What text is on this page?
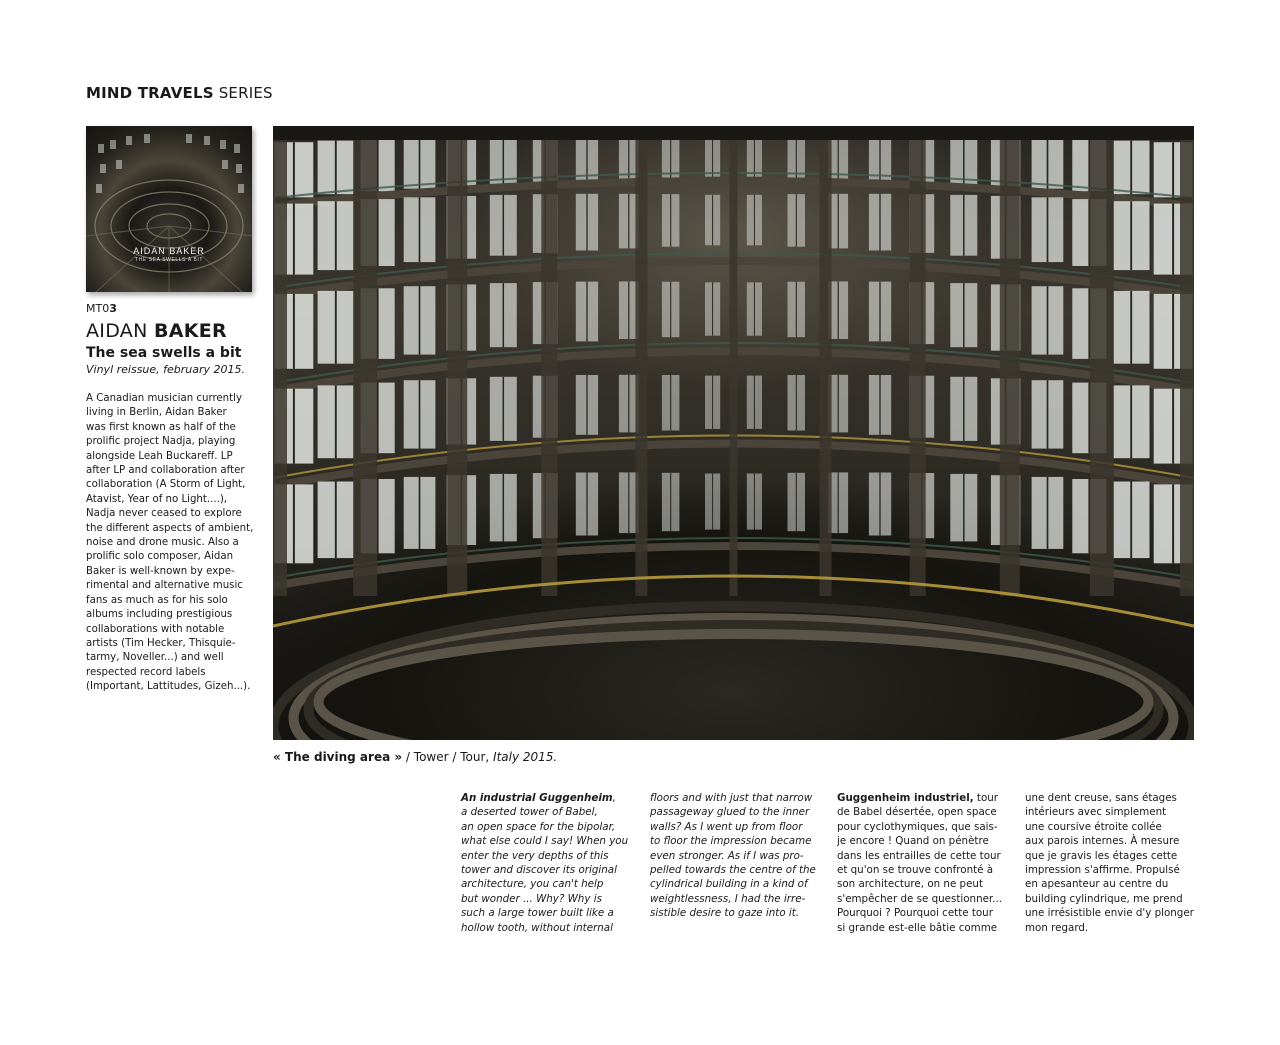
MIND TRAVELS SERIES
AIDAN BAKER
THE SEA SWELLS A BIT
MT03
AIDAN BAKER
The sea swells a bit
Vinyl reissue, february 2015.
A Canadian musician currently
living in Berlin, Aidan Baker
was first known as half of the
prolific project Nadja, playing
alongside Leah Buckareff. LP
after LP and collaboration after
collaboration (A Storm of Light,
Atavist, Year of no Light....),
Nadja never ceased to explore
the different aspects of ambient,
noise and drone music. Also a
prolific solo composer, Aidan
Baker is well-known by expe-
rimental and alternative music
fans as much as for his solo
albums including prestigious
collaborations with notable
artists (Tim Hecker, Thisquie-
tarmy, Noveller...) and well
respected record labels
(Important, Lattitudes, Gizeh...).
« The diving area » / Tower / Tour, Italy 2015.
An industrial Guggenheim,
a deserted tower of Babel,
an open space for the bipolar,
what else could I say! When you
enter the very depths of this
tower and discover its original
architecture, you can't help
but wonder ... Why? Why is
such a large tower built like a
hollow tooth, without internal
floors and with just that narrow
passageway glued to the inner
walls? As I went up from floor
to floor the impression became
even stronger. As if I was pro-
pelled towards the centre of the
cylindrical building in a kind of
weightlessness, I had the irre-
sistible desire to gaze into it.
Guggenheim industriel, tour
de Babel désertée, open space
pour cyclothymiques, que sais-
je encore ! Quand on pénètre
dans les entrailles de cette tour
et qu'on se trouve confronté à
son architecture, on ne peut
s'empêcher de se questionner...
Pourquoi ? Pourquoi cette tour
si grande est-elle bâtie comme
une dent creuse, sans étages
intérieurs avec simplement
une coursive étroite collée
aux parois internes. À mesure
que je gravis les étages cette
impression s'affirme. Propulsé
en apesanteur au centre du
building cylindrique, me prend
une irrésistible envie d'y plonger
mon regard.
